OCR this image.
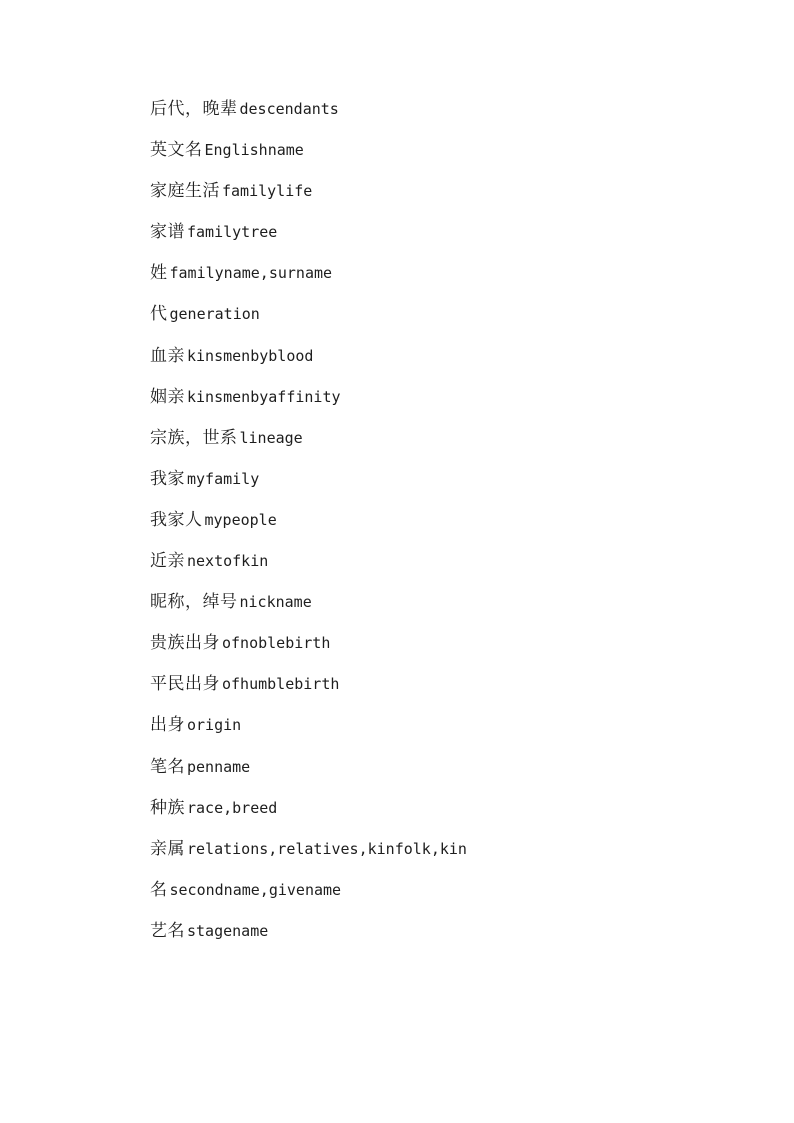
后代，晚辈 descendants
英文名 Englishname
家庭生活 familylife
家谱 familytree
姓 familyname,surname
代 generation
血亲 kinsmenbyblood
姻亲 kinsmenbyaffinity
宗族，世系 lineage
我家 myfamily
我家人 mypeople
近亲 nextofkin
昵称，绰号 nickname
贵族出身 ofnoblebirth
平民出身 ofhumblebirth
出身 origin
笔名 penname
种族 race,breed
亲属 relations,relatives,kinfolk,kin
名 secondname,givename
艺名 stagename
